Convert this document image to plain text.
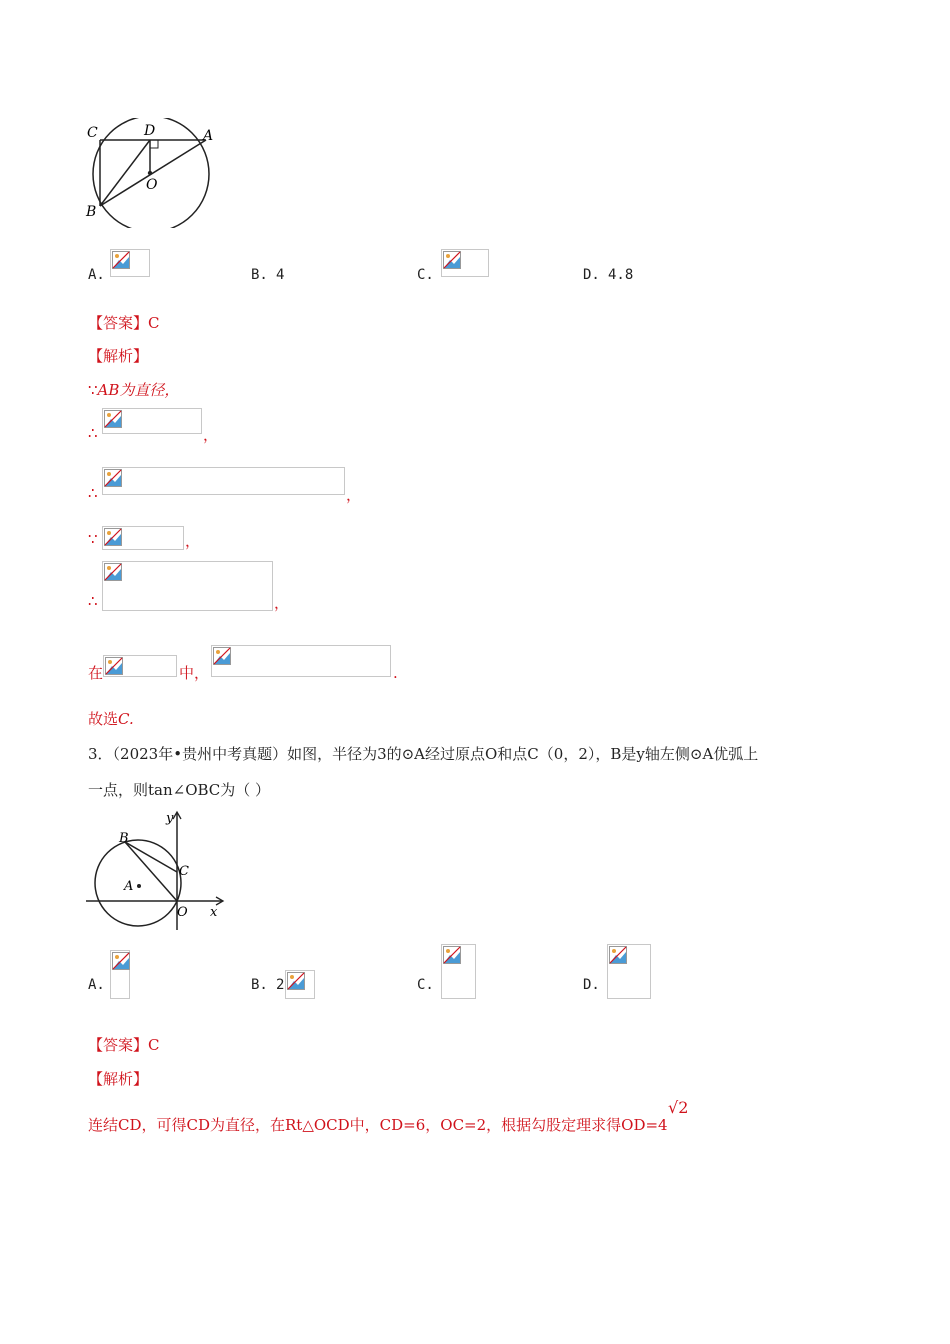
C	D	A
O
B
A.	B. 4	C.	D. 4.8
【答案】C
【解析】
∵AB为直径，
∴	，
∴	，
∵	，
∴	，
在	中，	.
故选C.
3．（2023年•贵州中考真题）如图，半径为3的⊙A经过原点O和点C（0，2），B是y轴左侧⊙A优弧上
一点，则tan∠OBC为（ ）
y
B
C
A
O x
A.	B. 2	C.	D.
【答案】C
【解析】
连结CD，可得CD为直径，在Rt△OCD中，CD=6，OC=2，根据勾股定理求得OD=4
√2
